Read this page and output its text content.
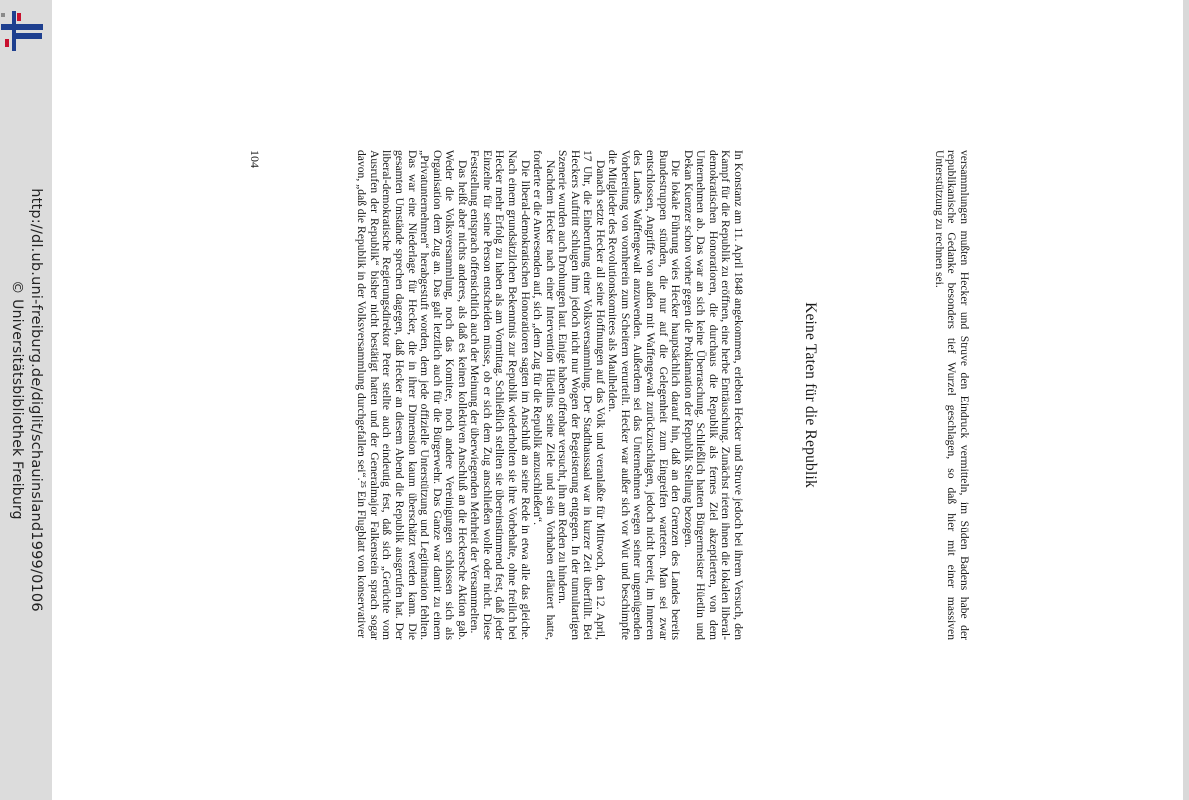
http://dl.ub.uni-freiburg.de/diglit/schauinsland1999/0106
© Universitätsbibliothek Freiburg	versammlungen mußten Hecker und Struve den Eindruck vermitteln, im Süden Badens habe der republikanische Gedanke besonders tief Wurzel geschlagen, so daß hier mit einer massiven Unterstützung zu rechnen sei.

Keine Taten für die Republik

In Konstanz am 11. April 1848 angekommen, erlebten Hecker und Struve jedoch bei ihrem Versuch, den Kampf für die Republik zu eröffnen, eine herbe Enttäuschung. Zunächst rieten ihnen die lokalen liberal-demokratischen Honoratioren, die durchaus die Republik als fernes Ziel akzeptierten, von dem Unternehmen ab. Das war an sich keine Überraschung. Schließlich hatten Bürgermeister Hüetlin und Dekan Kuenzer schon vorher gegen die Proklamation der Republik Stellung bezogen.

Die lokale Führung wies Hecker hauptsächlich darauf hin, daß an den Grenzen des Landes bereits Bundestruppen stünden, die nur auf die Gelegenheit zum Eingreifen warteten. Man sei zwar entschlossen, Angriffe von außen mit Waffengewalt zurückzuschlagen, jedoch nicht bereit, im Inneren des Landes Waffengewalt anzuwenden. Außerdem sei das Unternehmen wegen seiner ungenügenden Vorbereitung von vornherein zum Scheitern verurteilt. Hecker war außer sich vor Wut und beschimpfte die Mitglieder des Revolutionskomitees als Maulhelden.

Danach setzte Hecker all seine Hoffnungen auf das Volk und veranlaßte für Mittwoch, den 12. April, 17 Uhr, die Einberufung einer Volksversammlung. Der Stadthaussaal war in kurzer Zeit überfüllt. Bei Heckers Auftritt schlugen ihm jedoch nicht nur Wogen der Begeisterung entgegen. In der tumultartigen Szenerie wurden auch Drohungen laut. Einige haben offenbar versucht, ihn am Reden zu hindern.

Nachdem Hecker nach einer Intervention Hüetlins seine Ziele und sein Vorhaben erläutert hatte, forderte er die Anwesenden auf, sich „dem Zug für die Republik anzuschließen“.

Die liberal-demokratischen Honoratioren sagten im Anschluß an seine Rede in etwa alle das gleiche. Nach einem grundsätzlichen Bekenntnis zur Republik wiederholten sie ihre Vorbehalte, ohne freilich bei Hecker mehr Erfolg zu haben als am Vormittag. Schließlich stellten sie übereinstimmend fest, daß jeder Einzelne für seine Person entscheiden müsse, ob er sich dem Zug anschließen wolle oder nicht. Diese Feststellung entsprach offensichtlich auch der Meinung der überwiegenden Mehrheit der Versammelten.

Das heißt aber nichts anderes, als daß es keinen kollektiven Anschluß an die Heckersche Aktion gab. Weder die Volksversammlung, noch das Komitee, noch andere Vereinigungen schlossen sich als Organisation dem Zug an. Das galt letztlich auch für die Bürgerwehr. Das Ganze war damit zu einem „Privatunternehmen“ herabgestuft worden, dem jede offizielle Unterstützung und Legitimation fehlten. Das war eine Niederlage für Hecker, die in ihrer Dimension kaum überschätzt werden kann. Die gesamten Umstände sprechen dagegen, daß Hecker an diesem Abend die Republik ausgerufen hat. Der liberal-demokratische Regierungsdirektor Peter stellte auch eindeutig fest, daß sich „Gerüchte vom Ausrufen der Republik“ bisher nicht bestätigt hatten und der Generalmajor Falkenstein sprach sogar davon, „daß die Republik in der Volksversammlung durchgefallen sei“.²⁵ Ein Flugblatt von konservativer

104
